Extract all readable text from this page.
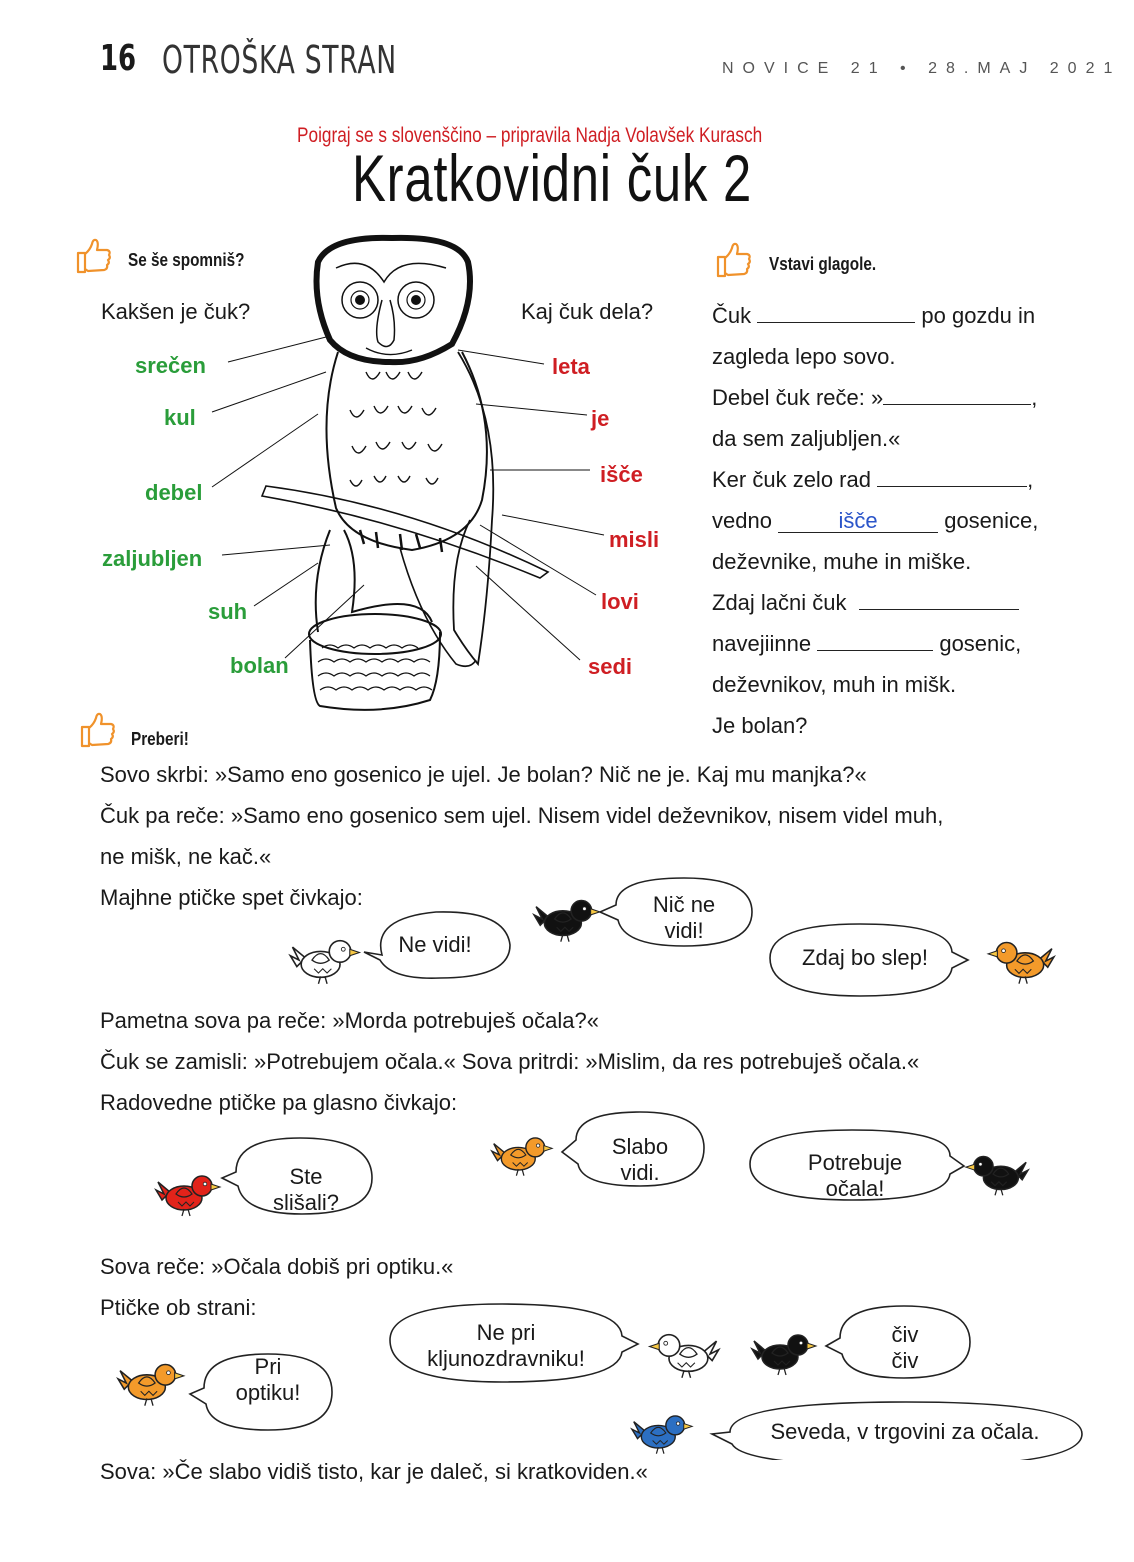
16 OTROŠKA STRAN	NOVICE 21 • 28.MAJ 2021
Poigraj se s slovenščino – pripravila Nadja Volavšek Kurasch
Kratkovidni čuk 2
Se še spomniš?
Kakšen je čuk?	Kaj čuk dela?
srečen
kul
debel
zaljubljen
suh
bolan
leta
je
išče
misli
lovi
sedi
Vstavi glagole.
Čuk	po gozdu in
zagleda lepo sovo.
Debel čuk reče: »	,
da sem zaljubljen.«
Ker čuk zelo rad	,
vedno	išče	gosenice,
deževnike, muhe in miške.
Zdaj lačni čuk
navejiinne	gosenic,
deževnikov, muh in mišk.
Je bolan?
Preberi!
Sovo skrbi: »Samo eno gosenico je ujel. Je bolan? Nič ne je. Kaj mu manjka?«
Čuk pa reče: »Samo eno gosenico sem ujel. Nisem videl deževnikov, nisem videl muh,
ne mišk, ne kač.«
Majhne ptičke spet čivkajo:
Pametna sova pa reče: »Morda potrebuješ očala?«
Čuk se zamisli: »Potrebujem očala.« Sova pritrdi: »Mislim, da res potrebuješ očala.«
Radovedne ptičke pa glasno čivkajo:
Sova reče: »Očala dobiš pri optiku.«
Ptičke ob strani:
Sova: »Če slabo vidiš tisto, kar je daleč, si kratkoviden.«
Ne vidi!
Nič ne
vidi!
Zdaj bo slep!
Ste
slišali?
Slabo
vidi.	Potrebuje
očala!
Pri
optiku!
Ne pri
kljunozdravniku!
čiv
čiv
Seveda, v trgovini za očala.
